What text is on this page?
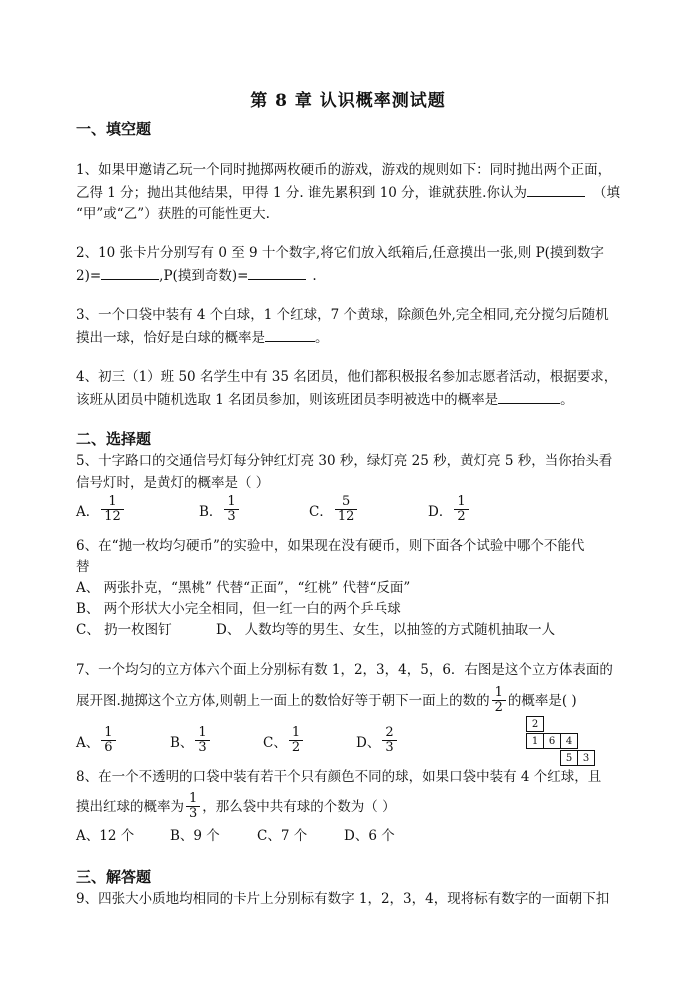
第 8 章 认识概率测试题
一、填空题
1、如果甲邀请乙玩一个同时抛掷两枚硬币的游戏，游戏的规则如下：同时抛出两个正面，
乙得 1 分；抛出其他结果，甲得 1 分. 谁先累积到 10 分，谁就获胜.你认为	（填
“甲”或“乙”）获胜的可能性更大.
2、10 张卡片分别写有 0 至 9 十个数字,将它们放入纸箱后,任意摸出一张,则 P(摸到数字
2)=	,P(摸到奇数)=	.
3、一个口袋中装有 4 个白球，1 个红球，7 个黄球，除颜色外,完全相同,充分搅匀后随机
摸出一球，恰好是白球的概率是	。
4、初三（1）班 50 名学生中有 35 名团员，他们都积极报名参加志愿者活动，根据要求，
该班从团员中随机选取 1 名团员参加，则该班团员李明被选中的概率是	。
二、选择题
5、十字路口的交通信号灯每分钟红灯亮 30 秒，绿灯亮 25 秒，黄灯亮 5 秒，当你抬头看
信号灯时，是黄灯的概率是（ ）
A． $\frac{1}{12}$	B． $\frac{1}{3}$	C． $\frac{5}{12}$	D． $\frac{1}{2}$
6、在“抛一枚均匀硬币”的实验中，如果现在没有硬币，则下面各个试验中哪个不能代
替
A、 两张扑克，“黑桃” 代替“正面”，“红桃” 代替“反面”
B、 两个形状大小完全相同，但一红一白的两个乒乓球
C、 扔一枚图钉	D、 人数均等的男生、女生，以抽签的方式随机抽取一人
7、一个均匀的立方体六个面上分别标有数 1，2，3，4，5，6．右图是这个立方体表面的
展开图.抛掷这个立方体,则朝上一面上的数恰好等于朝下一面上的数的 $\frac{1}{2}$ 的概率是( )
A、 $\frac{1}{6}$	B、 $\frac{1}{3}$	C、 $\frac{1}{2}$	D、 $\frac{2}{3}$
2
1	6	4
5	3
8、在一个不透明的口袋中装有若干个只有颜色不同的球，如果口袋中装有 4 个红球，且
摸出红球的概率为 $\frac{1}{3}$ ，那么袋中共有球的个数为（ ）
A、12 个	B、9 个	C、7 个	D、6 个
三、解答题
9、四张大小质地均相同的卡片上分别标有数字 1，2，3，4，现将标有数字的一面朝下扣
